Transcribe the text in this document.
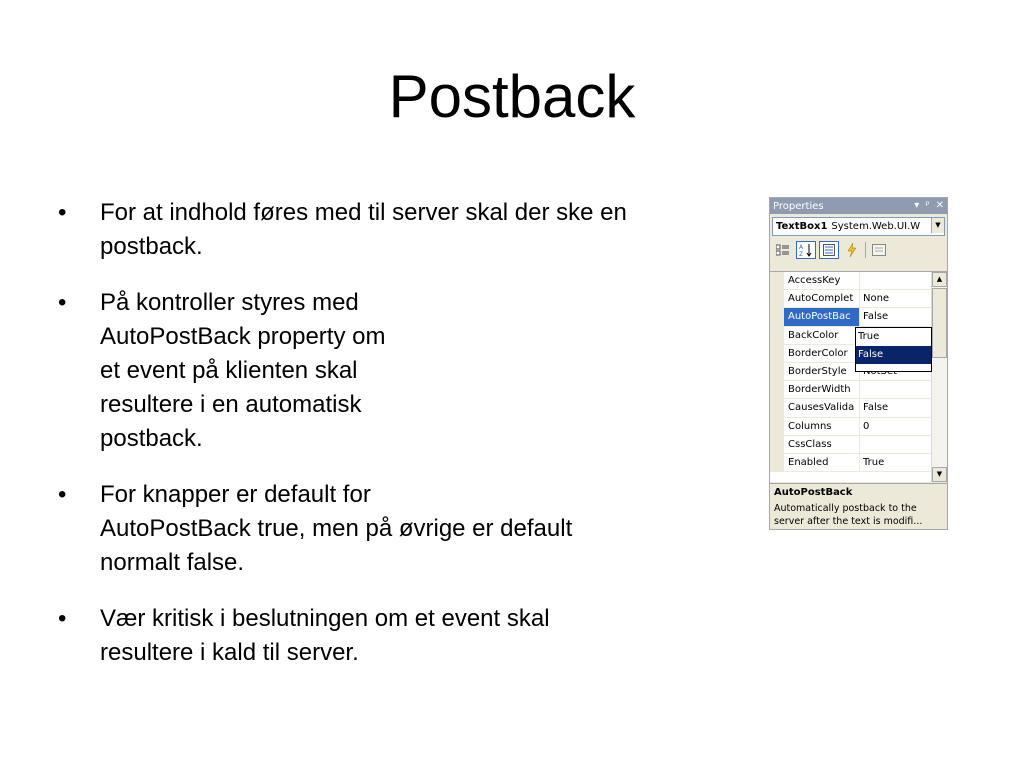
Postback
•	For at indhold føres med til server skal der ske en
postback.
•	På kontroller styres med
AutoPostBack property om
et event på klienten skal
resultere i en automatisk
postback.
•	For knapper er default for
AutoPostBack true, men på øvrige er default
normalt false.
•	Vær kritisk i beslutningen om et event skal
resultere i kald til server.
Properties	▾ ᵖ ✕
TextBox1 System.Web.UI.W	▼
A
Z
AccessKey
AutoComplet None
AutoPostBac	False
BackColor
BorderColor
BorderStyle
BorderWidth
CausesValida False
Columns	0
CssClass
Enabled	True
▲
▼
True
False
AutoPostBack
Automatically postback to the server after the text is modifi...
